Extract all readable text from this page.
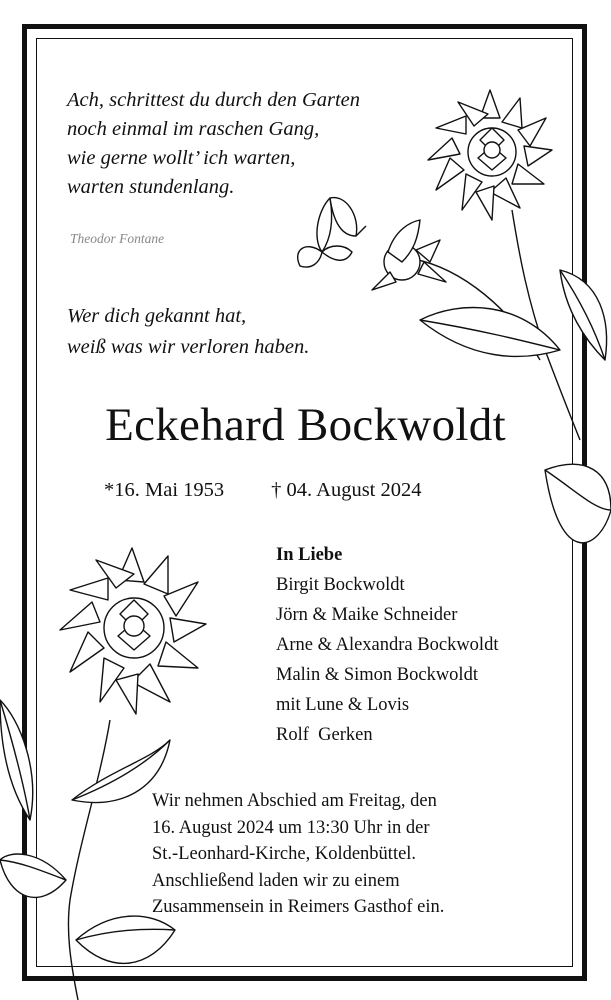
Ach, schrittest du durch den Garten
noch einmal im raschen Gang,
wie gerne wollt’ ich warten,
warten stundenlang.
Theodor Fontane
Wer dich gekannt hat,
weiß was wir verloren haben.
Eckehard Bockwoldt
*16. Mai 1953 † 04. August 2024
In Liebe
Birgit Bockwoldt
Jörn & Maike Schneider
Arne & Alexandra Bockwoldt
Malin & Simon Bockwoldt
mit Lune & Lovis
Rolf  Gerken
Wir nehmen Abschied am Freitag, den
16. August 2024 um 13:30 Uhr in der
St.-Leonhard-Kirche, Koldenbüttel.
Anschließend laden wir zu einem
Zusammensein in Reimers Gasthof ein.
